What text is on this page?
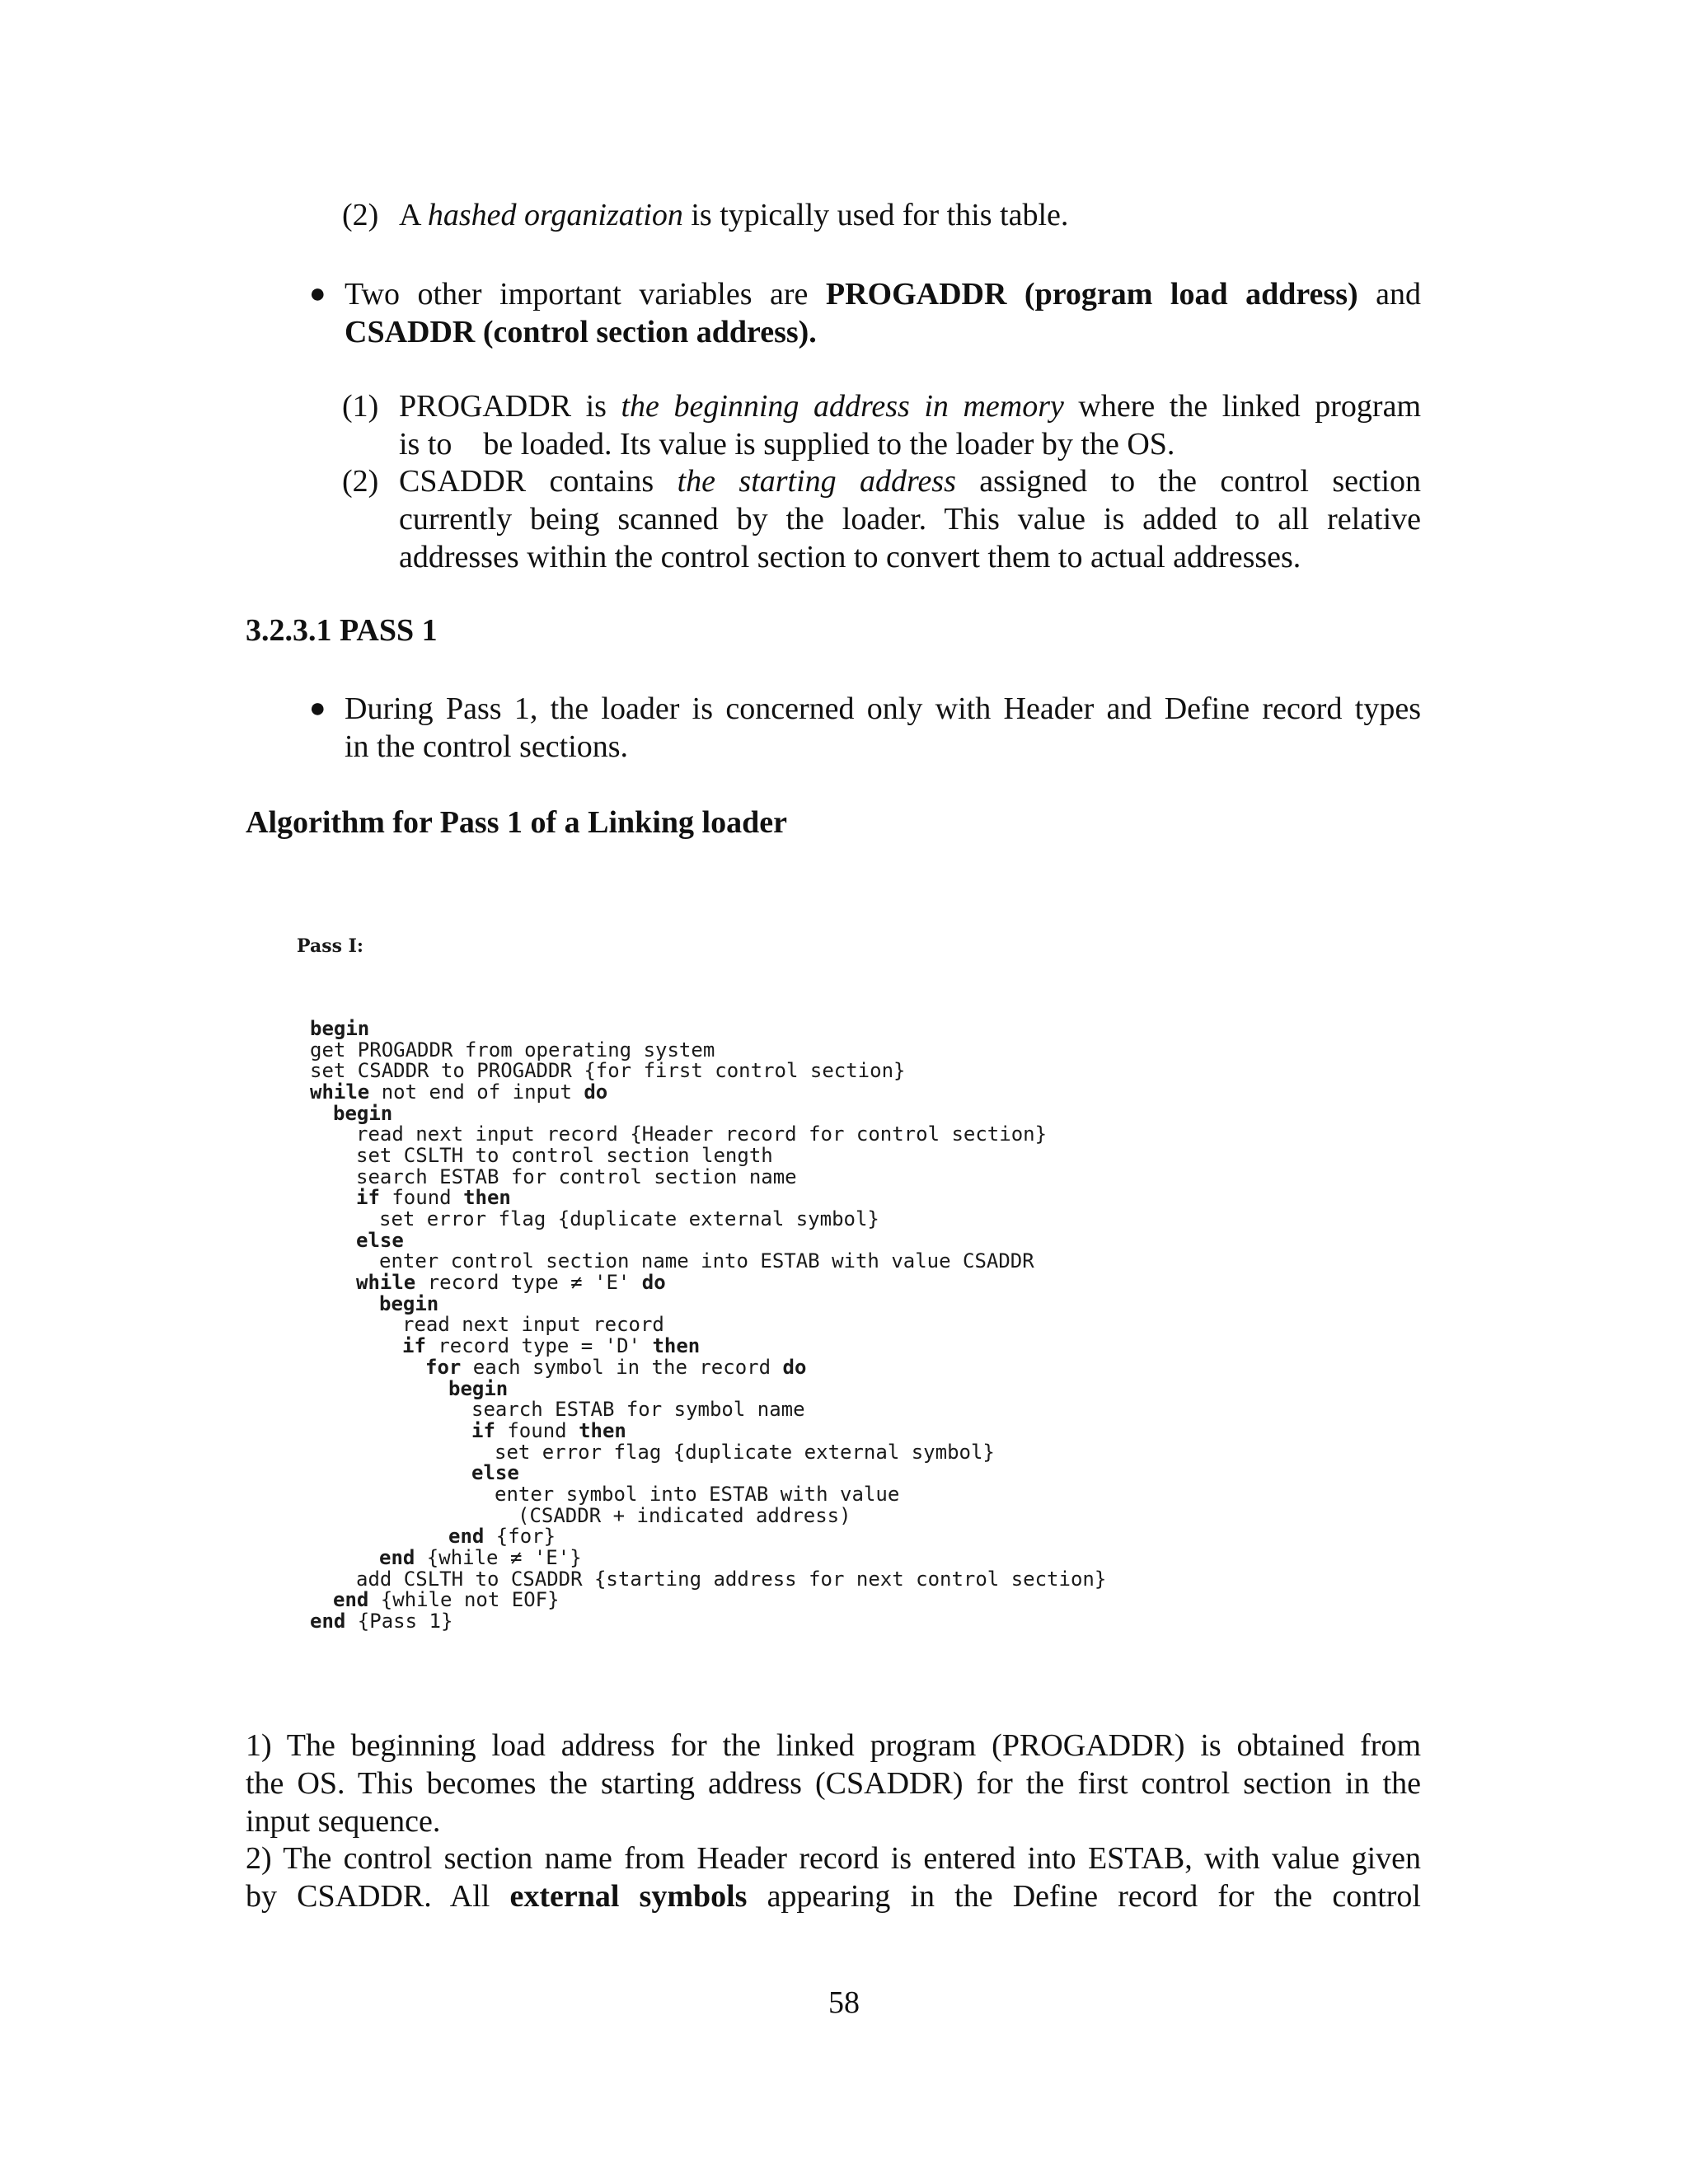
(2) A hashed organization is typically used for this table.
● Two other important variables are PROGADDR (program load address) and
CSADDR (control section address).
(1) PROGADDR is the beginning address in memory where the linked program
is to    be loaded. Its value is supplied to the loader by the OS.
(2) CSADDR contains the starting address assigned to the control section
currently being scanned by the loader. This value is added to all relative
addresses within the control section to convert them to actual addresses.
3.2.3.1 PASS 1
● During Pass 1, the loader is concerned only with Header and Define record types
in the control sections.
Algorithm for Pass 1 of a Linking loader

Pass I:

begin
get PROGADDR from operating system
set CSADDR to PROGADDR {for first control section}
while not end of input do
begin
read next input record {Header record for control section}
set CSLTH to control section length
search ESTAB for control section name
if found then
set error flag {duplicate external symbol}
else
enter control section name into ESTAB with value CSADDR
while record type ≠ 'E' do
begin
read next input record
if record type = 'D' then
for each symbol in the record do
begin
search ESTAB for symbol name
if found then
set error flag {duplicate external symbol}
else
enter symbol into ESTAB with value
(CSADDR + indicated address)
end {for}
end {while ≠ 'E'}
add CSLTH to CSADDR {starting address for next control section}
end {while not EOF}
end {Pass 1}

1) The beginning load address for the linked program (PROGADDR) is obtained from
the OS. This becomes the starting address (CSADDR) for the first control section in the
input sequence.
2) The control section name from Header record is entered into ESTAB, with value given
by CSADDR. All external symbols appearing in the Define record for the control
58
